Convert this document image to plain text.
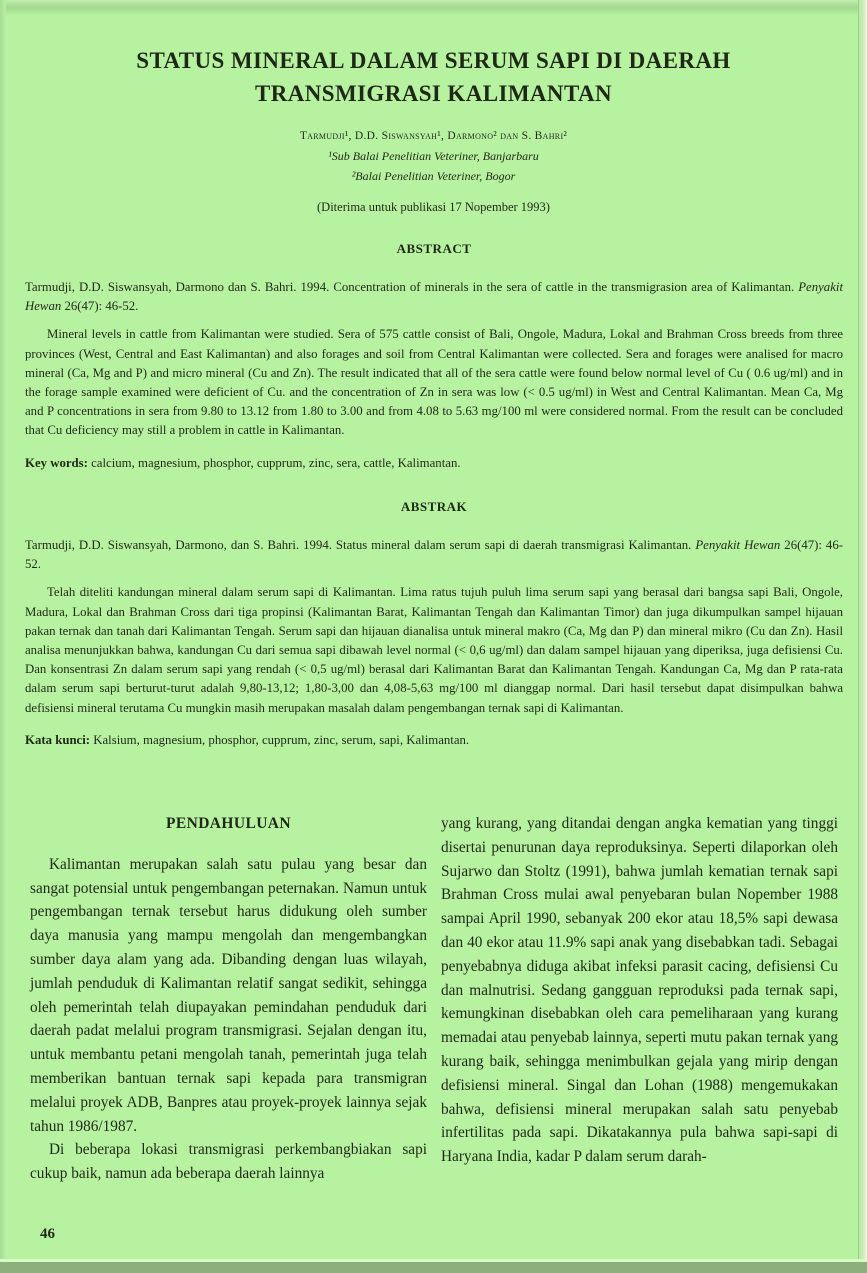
STATUS MINERAL DALAM SERUM SAPI DI DAERAH
TRANSMIGRASI KALIMANTAN
Tarmudji¹, D.D. Siswansyah¹, Darmono² dan S. Bahri²
¹Sub Balai Penelitian Veteriner, Banjarbaru
²Balai Penelitian Veteriner, Bogor
(Diterima untuk publikasi 17 Nopember 1993)
ABSTRACT

Tarmudji, D.D. Siswansyah, Darmono dan S. Bahri. 1994. Concentration of minerals in the sera of cattle in the transmigrasion area of Kalimantan. Penyakit Hewan 26(47): 46-52.

Mineral levels in cattle from Kalimantan were studied. Sera of 575 cattle consist of Bali, Ongole, Madura, Lokal and Brahman Cross breeds from three provinces (West, Central and East Kalimantan) and also forages and soil from Central Kalimantan were collected. Sera and forages were analised for macro mineral (Ca, Mg and P) and micro mineral (Cu and Zn). The result indicated that all of the sera cattle were found below normal level of Cu ( 0.6 ug/ml) and in the forage sample examined were deficient of Cu. and the concentration of Zn in sera was low (< 0.5 ug/ml) in West and Central Kalimantan. Mean Ca, Mg and P concentrations in sera from 9.80 to 13.12 from 1.80 to 3.00 and from 4.08 to 5.63 mg/100 ml were considered normal. From the result can be concluded that Cu deficiency may still a problem in cattle in Kalimantan.

Key words: calcium, magnesium, phosphor, cupprum, zinc, sera, cattle, Kalimantan.

ABSTRAK

Tarmudji, D.D. Siswansyah, Darmono, dan S. Bahri. 1994. Status mineral dalam serum sapi di daerah transmigrasi Kalimantan. Penyakit Hewan 26(47): 46-52.

Telah diteliti kandungan mineral dalam serum sapi di Kalimantan. Lima ratus tujuh puluh lima serum sapi yang berasal dari bangsa sapi Bali, Ongole, Madura, Lokal dan Brahman Cross dari tiga propinsi (Kalimantan Barat, Kalimantan Tengah dan Kalimantan Timor) dan juga dikumpulkan sampel hijauan pakan ternak dan tanah dari Kalimantan Tengah. Serum sapi dan hijauan dianalisa untuk mineral makro (Ca, Mg dan P) dan mineral mikro (Cu dan Zn). Hasil analisa menunjukkan bahwa, kandungan Cu dari semua sapi dibawah level normal (< 0,6 ug/ml) dan dalam sampel hijauan yang diperiksa, juga defisiensi Cu. Dan konsentrasi Zn dalam serum sapi yang rendah (< 0,5 ug/ml) berasal dari Kalimantan Barat dan Kalimantan Tengah. Kandungan Ca, Mg dan P rata-rata dalam serum sapi berturut-turut adalah 9,80-13,12; 1,80-3,00 dan 4,08-5,63 mg/100 ml dianggap normal. Dari hasil tersebut dapat disimpulkan bahwa defisiensi mineral terutama Cu mungkin masih merupakan masalah dalam pengembangan ternak sapi di Kalimantan.

Kata kunci: Kalsium, magnesium, phosphor, cupprum, zinc, serum, sapi, Kalimantan.

PENDAHULUAN

Kalimantan merupakan salah satu pulau yang besar dan sangat potensial untuk pengembangan peternakan. Namun untuk pengembangan ternak tersebut harus didukung oleh sumber daya manusia yang mampu mengolah dan mengembangkan sumber daya alam yang ada. Dibanding dengan luas wilayah, jumlah penduduk di Kalimantan relatif sangat sedikit, sehingga oleh pemerintah telah diupayakan pemindahan penduduk dari daerah padat melalui program transmigrasi. Sejalan dengan itu, untuk membantu petani mengolah tanah, pemerintah juga telah memberikan bantuan ternak sapi kepada para transmigran melalui proyek ADB, Banpres atau proyek-proyek lainnya sejak tahun 1986/1987.

Di beberapa lokasi transmigrasi perkembangbiakan sapi cukup baik, namun ada beberapa daerah lainnya

yang kurang, yang ditandai dengan angka kematian yang tinggi disertai penurunan daya reproduksinya. Seperti dilaporkan oleh Sujarwo dan Stoltz (1991), bahwa jumlah kematian ternak sapi Brahman Cross mulai awal penyebaran bulan Nopember 1988 sampai April 1990, sebanyak 200 ekor atau 18,5% sapi dewasa dan 40 ekor atau 11.9% sapi anak yang disebabkan tadi. Sebagai penyebabnya diduga akibat infeksi parasit cacing, defisiensi Cu dan malnutrisi. Sedang gangguan reproduksi pada ternak sapi, kemungkinan disebabkan oleh cara pemeliharaan yang kurang memadai atau penyebab lainnya, seperti mutu pakan ternak yang kurang baik, sehingga menimbulkan gejala yang mirip dengan defisiensi mineral. Singal dan Lohan (1988) mengemukakan bahwa, defisiensi mineral merupakan salah satu penyebab infertilitas pada sapi. Dikatakannya pula bahwa sapi-sapi di Haryana India, kadar P dalam serum darah-

46
